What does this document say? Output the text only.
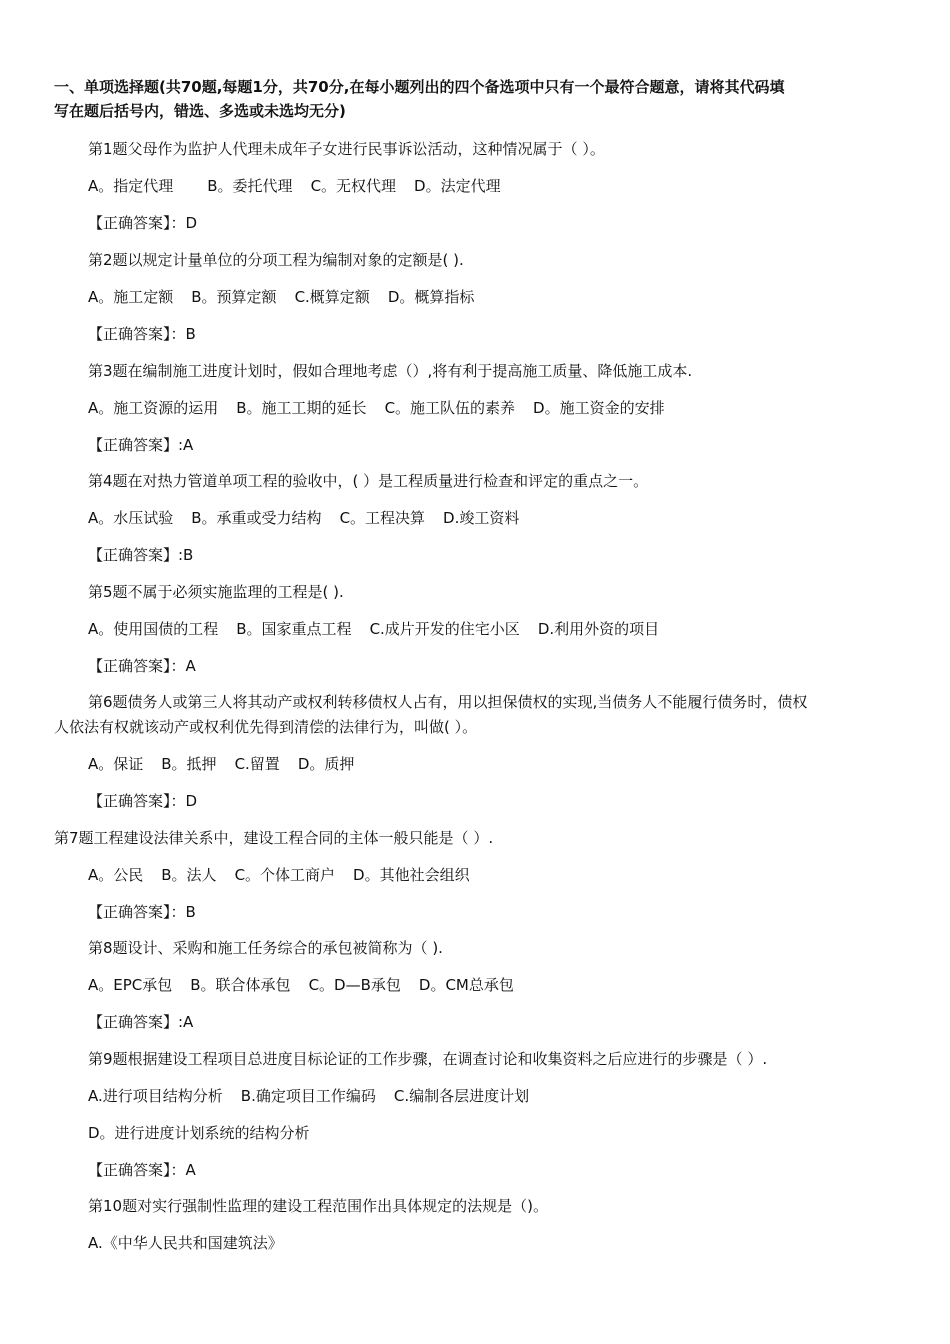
一、单项选择题(共70题,每题1分，共70分,在每小题列出的四个备选项中只有一个最符合题意，请将其代码填
写在题后括号内，错选、多选或未选均无分)
第1题父母作为监护人代理未成年子女进行民事诉讼活动，这种情况属于（ ）。
A。指定代理 B。委托代理 C。无权代理 D。法定代理
【正确答案】：D
第2题以规定计量单位的分项工程为编制对象的定额是( ).
A。施工定额 B。预算定额 C.概算定额 D。概算指标
【正确答案】：B
第3题在编制施工进度计划时，假如合理地考虑（）,将有利于提高施工质量、降低施工成本.
A。施工资源的运用 B。施工工期的延长 C。施工队伍的素养 D。施工资金的安排
【正确答案】:A
第4题在对热力管道单项工程的验收中，( ）是工程质量进行检查和评定的重点之一。
A。水压试验 B。承重或受力结构 C。工程决算 D.竣工资料
【正确答案】:B
第5题不属于必须实施监理的工程是( ).
A。使用国债的工程 B。国家重点工程 C.成片开发的住宅小区 D.利用外资的项目
【正确答案】：A
第6题债务人或第三人将其动产或权利转移债权人占有，用以担保债权的实现,当债务人不能履行债务时，债权
人依法有权就该动产或权利优先得到清偿的法律行为，叫做( ）。
A。保证 B。抵押 C.留置 D。质押
【正确答案】：D
第7题工程建设法律关系中，建设工程合同的主体一般只能是（ ）.
A。公民 B。法人 C。个体工商户 D。其他社会组织
【正确答案】：B
第8题设计、采购和施工任务综合的承包被简称为（ ).
A。EPC承包 B。联合体承包 C。D—B承包 D。CM总承包
【正确答案】:A
第9题根据建设工程项目总进度目标论证的工作步骤，在调查讨论和收集资料之后应进行的步骤是（ ）.
A.进行项目结构分析 B.确定项目工作编码 C.编制各层进度计划
D。进行进度计划系统的结构分析
【正确答案】：A
第10题对实行强制性监理的建设工程范围作出具体规定的法规是（)。
A.《中华人民共和国建筑法》
